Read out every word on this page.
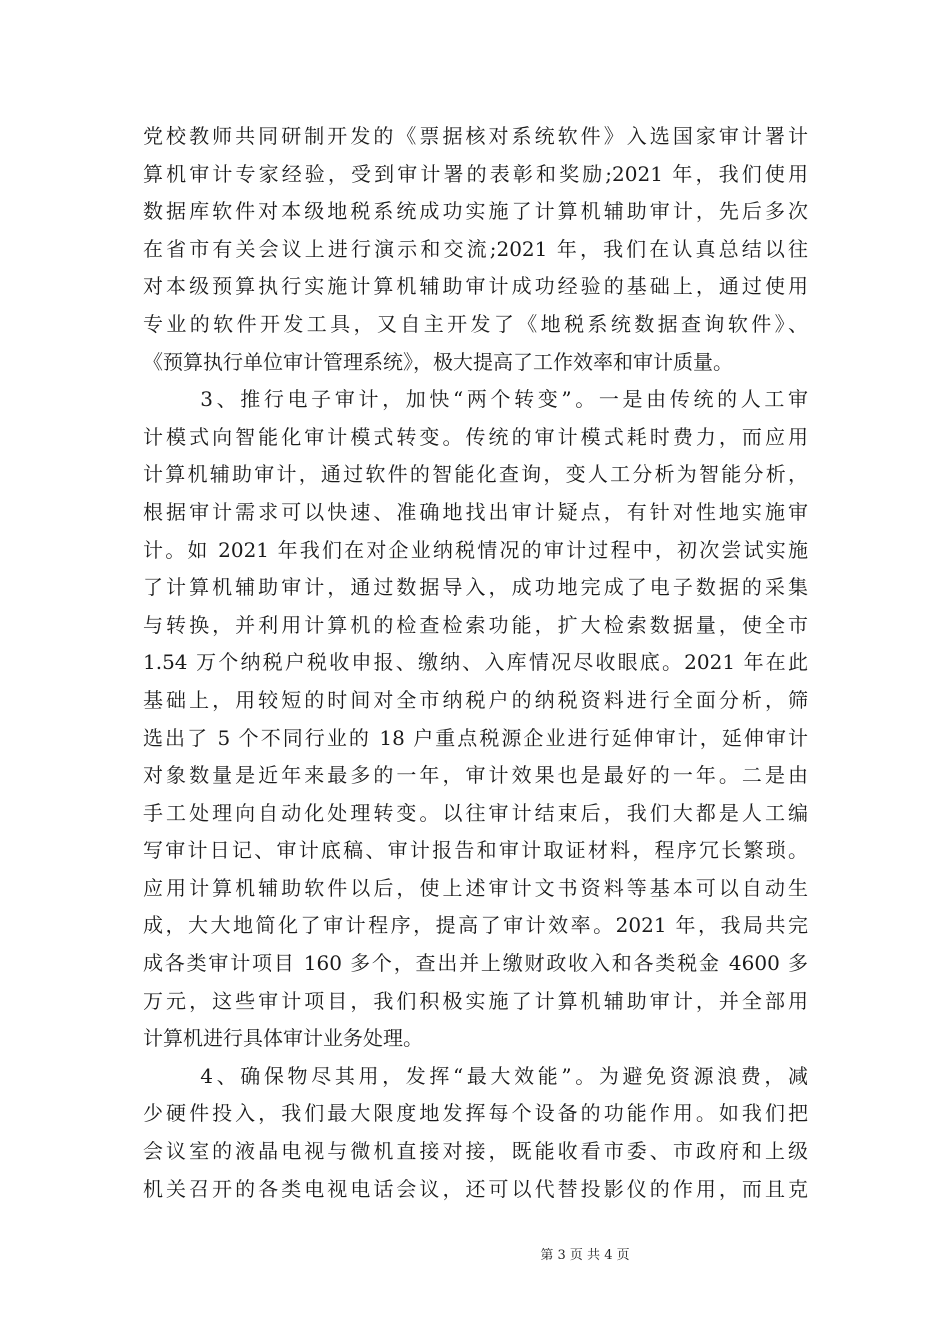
党校教师共同研制开发的《票据核对系统软件》入选国家审计署计
算机审计专家经验，受到审计署的表彰和奖励;2021 年，我们使用
数据库软件对本级地税系统成功实施了计算机辅助审计，先后多次
在省市有关会议上进行演示和交流;2021 年，我们在认真总结以往
对本级预算执行实施计算机辅助审计成功经验的基础上，通过使用
专业的软件开发工具，又自主开发了《地税系统数据查询软件》、
《预算执行单位审计管理系统》，极大提高了工作效率和审计质量。
　　 3、推行电子审计，加快“两个转变”。一是由传统的人工审
计模式向智能化审计模式转变。传统的审计模式耗时费力，而应用
计算机辅助审计，通过软件的智能化查询，变人工分析为智能分析，
根据审计需求可以快速、准确地找出审计疑点，有针对性地实施审
计。如 2021 年我们在对企业纳税情况的审计过程中，初次尝试实施
了计算机辅助审计，通过数据导入，成功地完成了电子数据的采集
与转换，并利用计算机的检查检索功能，扩大检索数据量，使全市
1.54 万个纳税户税收申报、缴纳、入库情况尽收眼底。2021 年在此
基础上，用较短的时间对全市纳税户的纳税资料进行全面分析，筛
选出了 5 个不同行业的 18 户重点税源企业进行延伸审计，延伸审计
对象数量是近年来最多的一年，审计效果也是最好的一年。二是由
手工处理向自动化处理转变。以往审计结束后，我们大都是人工编
写审计日记、审计底稿、审计报告和审计取证材料，程序冗长繁琐。
应用计算机辅助软件以后，使上述审计文书资料等基本可以自动生
成，大大地简化了审计程序，提高了审计效率。2021 年，我局共完
成各类审计项目 160 多个，查出并上缴财政收入和各类税金 4600 多
万元，这些审计项目，我们积极实施了计算机辅助审计，并全部用
计算机进行具体审计业务处理。
　　 4、确保物尽其用，发挥“最大效能”。为避免资源浪费，减
少硬件投入，我们最大限度地发挥每个设备的功能作用。如我们把
会议室的液晶电视与微机直接对接，既能收看市委、市政府和上级
机关召开的各类电视电话会议，还可以代替投影仪的作用，而且克
第 3 页 共 4 页
